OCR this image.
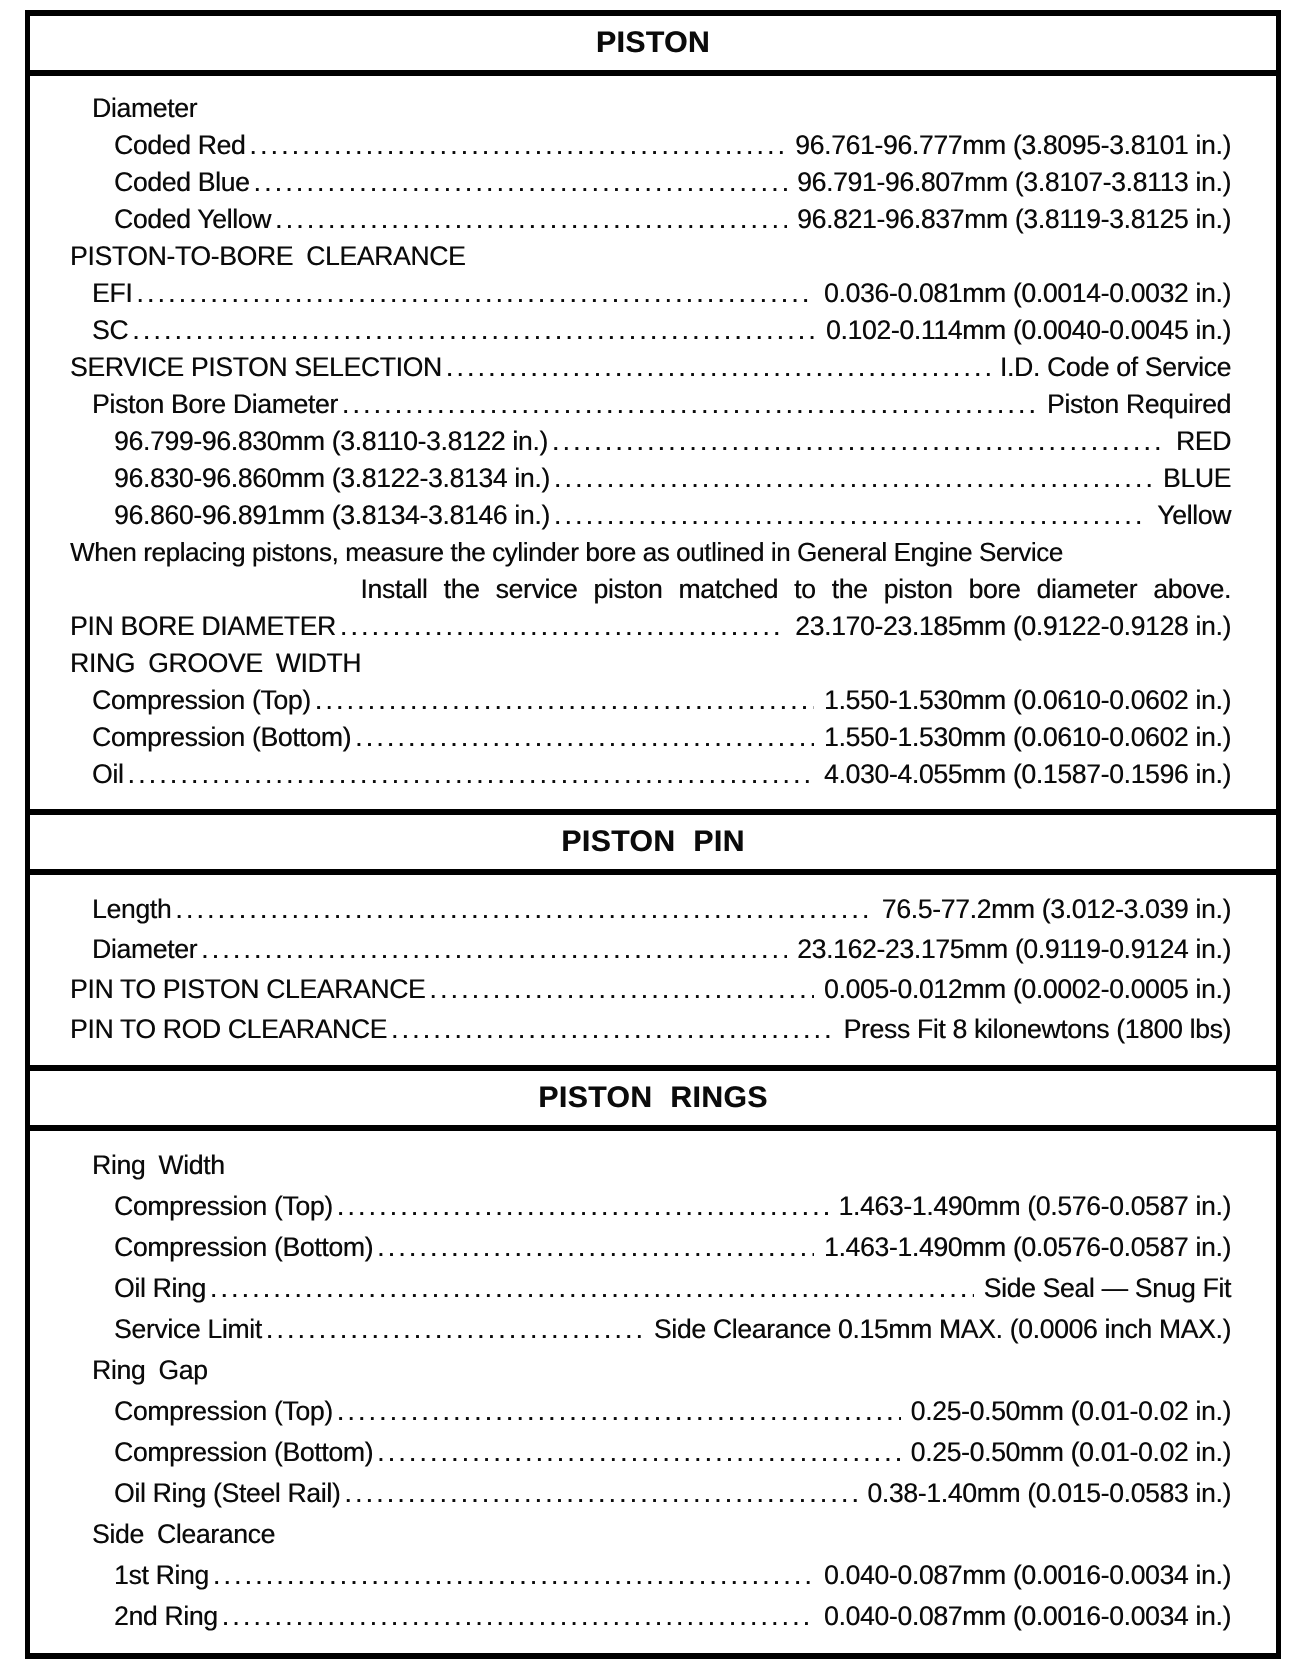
PISTON
Diameter
Coded Red .....	96.761-96.777mm (3.8095-3.8101 in.)
Coded Blue .....	96.791-96.807mm (3.8107-3.8113 in.)
Coded Yellow .....	96.821-96.837mm (3.8119-3.8125 in.)
PISTON-TO-BORE CLEARANCE
EFI .....	0.036-0.081mm (0.0014-0.0032 in.)
SC .....	0.102-0.114mm (0.0040-0.0045 in.)
SERVICE PISTON SELECTION .....	I.D. Code of Service
Piston Bore Diameter .....	Piston Required
96.799-96.830mm (3.8110-3.8122 in.) .....	RED
96.830-96.860mm (3.8122-3.8134 in.) .....	BLUE
96.860-96.891mm (3.8134-3.8146 in.) .....	Yellow
When replacing pistons, measure the cylinder bore as outlined in General Engine Service
Install the service piston matched to the piston bore diameter above.
PIN BORE DIAMETER .....	23.170-23.185mm (0.9122-0.9128 in.)
RING GROOVE WIDTH
Compression (Top) .....	1.550-1.530mm (0.0610-0.0602 in.)
Compression (Bottom) .....	1.550-1.530mm (0.0610-0.0602 in.)
Oil .....	4.030-4.055mm (0.1587-0.1596 in.)
PISTON PIN
Length .....	76.5-77.2mm (3.012-3.039 in.)
Diameter .....	23.162-23.175mm (0.9119-0.9124 in.)
PIN TO PISTON CLEARANCE .....	0.005-0.012mm (0.0002-0.0005 in.)
PIN TO ROD CLEARANCE .....	Press Fit 8 kilonewtons (1800 lbs)
PISTON RINGS
Ring Width
Compression (Top) .....	1.463-1.490mm (0.576-0.0587 in.)
Compression (Bottom) .....	1.463-1.490mm (0.0576-0.0587 in.)
Oil Ring .....	Side Seal — Snug Fit
Service Limit .....	Side Clearance 0.15mm MAX. (0.0006 inch MAX.)
Ring Gap
Compression (Top) .....	0.25-0.50mm (0.01-0.02 in.)
Compression (Bottom) .....	0.25-0.50mm (0.01-0.02 in.)
Oil Ring (Steel Rail) .....	0.38-1.40mm (0.015-0.0583 in.)
Side Clearance
1st Ring .....	0.040-0.087mm (0.0016-0.0034 in.)
2nd Ring .....	0.040-0.087mm (0.0016-0.0034 in.)
